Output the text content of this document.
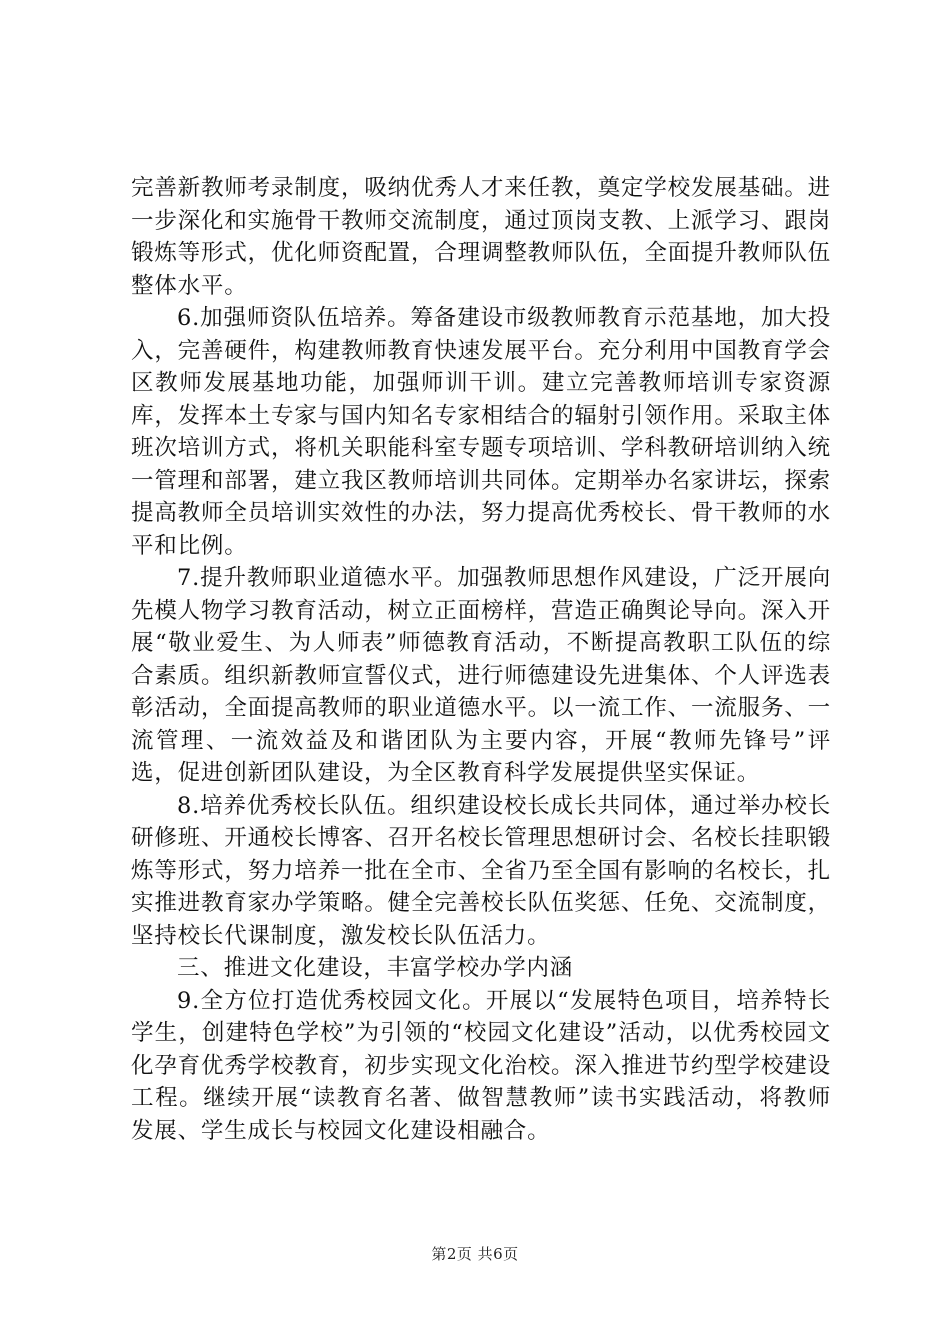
完善新教师考录制度，吸纳优秀人才来任教，奠定学校发展基础。进一步深化和实施骨干教师交流制度，通过顶岗支教、上派学习、跟岗锻炼等形式，优化师资配置，合理调整教师队伍，全面提升教师队伍整体水平。

6.加强师资队伍培养。筹备建设市级教师教育示范基地，加大投入，完善硬件，构建教师教育快速发展平台。充分利用中国教育学会区教师发展基地功能，加强师训干训。建立完善教师培训专家资源库，发挥本土专家与国内知名专家相结合的辐射引领作用。采取主体班次培训方式，将机关职能科室专题专项培训、学科教研培训纳入统一管理和部署，建立我区教师培训共同体。定期举办名家讲坛，探索提高教师全员培训实效性的办法，努力提高优秀校长、骨干教师的水平和比例。

7.提升教师职业道德水平。加强教师思想作风建设，广泛开展向先模人物学习教育活动，树立正面榜样，营造正确舆论导向。深入开展“敬业爱生、为人师表”师德教育活动，不断提高教职工队伍的综合素质。组织新教师宣誓仪式，进行师德建设先进集体、个人评选表彰活动，全面提高教师的职业道德水平。以一流工作、一流服务、一流管理、一流效益及和谐团队为主要内容，开展“教师先锋号”评选，促进创新团队建设，为全区教育科学发展提供坚实保证。

8.培养优秀校长队伍。组织建设校长成长共同体，通过举办校长研修班、开通校长博客、召开名校长管理思想研讨会、名校长挂职锻炼等形式，努力培养一批在全市、全省乃至全国有影响的名校长，扎实推进教育家办学策略。健全完善校长队伍奖惩、任免、交流制度，坚持校长代课制度，激发校长队伍活力。

三、推进文化建设，丰富学校办学内涵

9.全方位打造优秀校园文化。开展以“发展特色项目，培养特长学生，创建特色学校”为引领的“校园文化建设”活动，以优秀校园文化孕育优秀学校教育，初步实现文化治校。深入推进节约型学校建设工程。继续开展“读教育名著、做智慧教师”读书实践活动，将教师发展、学生成长与校园文化建设相融合。

第2页 共6页
